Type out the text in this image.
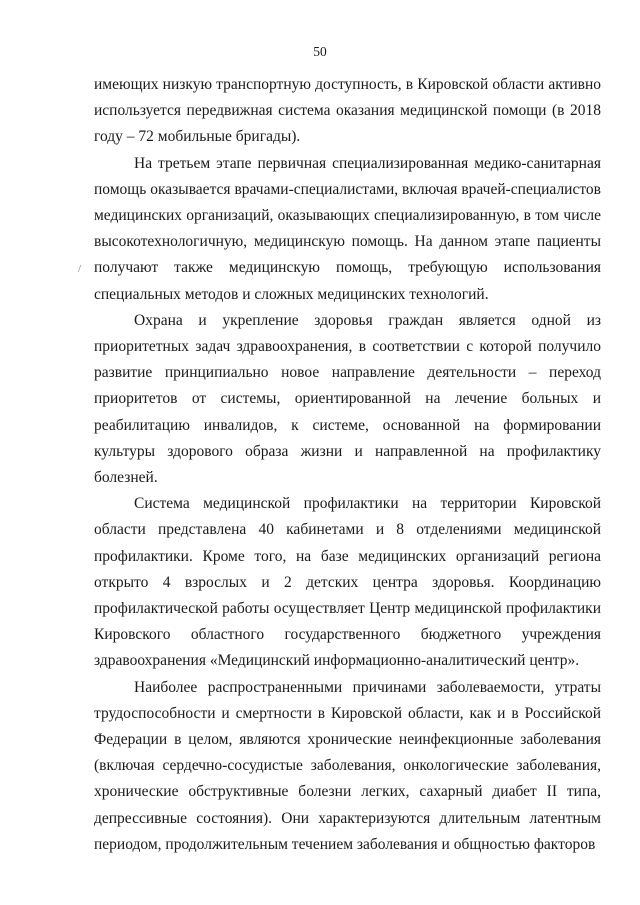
50
/

имеющих низкую транспортную доступность, в Кировской области активно используется передвижная система оказания медицинской помощи (в 2018 году – 72 мобильные бригады).

На третьем этапе первичная специализированная медико-санитарная помощь оказывается врачами-специалистами, включая врачей-специалистов медицинских организаций, оказывающих специализированную, в том числе высокотехнологичную, медицинскую помощь. На данном этапе пациенты получают также медицинскую помощь, требующую использования специальных методов и сложных медицинских технологий.

Охрана и укрепление здоровья граждан является одной из приоритетных задач здравоохранения, в соответствии с которой получило развитие принципиально новое направление деятельности – переход приоритетов от системы, ориентированной на лечение больных и реабилитацию инвалидов, к системе, основанной на формировании культуры здорового образа жизни и направленной на профилактику болезней.

Система медицинской профилактики на территории Кировской области представлена 40 кабинетами и 8 отделениями медицинской профилактики. Кроме того, на базе медицинских организаций региона открыто 4 взрослых и 2 детских центра здоровья. Координацию профилактической работы осуществляет Центр медицинской профилактики Кировского областного государственного бюджетного учреждения здравоохранения «Медицинский информационно-аналитический центр».

Наиболее распространенными причинами заболеваемости, утраты трудоспособности и смертности в Кировской области, как и в Российской Федерации в целом, являются хронические неинфекционные заболевания (включая сердечно-сосудистые заболевания, онкологические заболевания, хронические обструктивные болезни легких, сахарный диабет II типа, депрессивные состояния). Они характеризуются длительным латентным периодом, продолжительным течением заболевания и общностью факторов
